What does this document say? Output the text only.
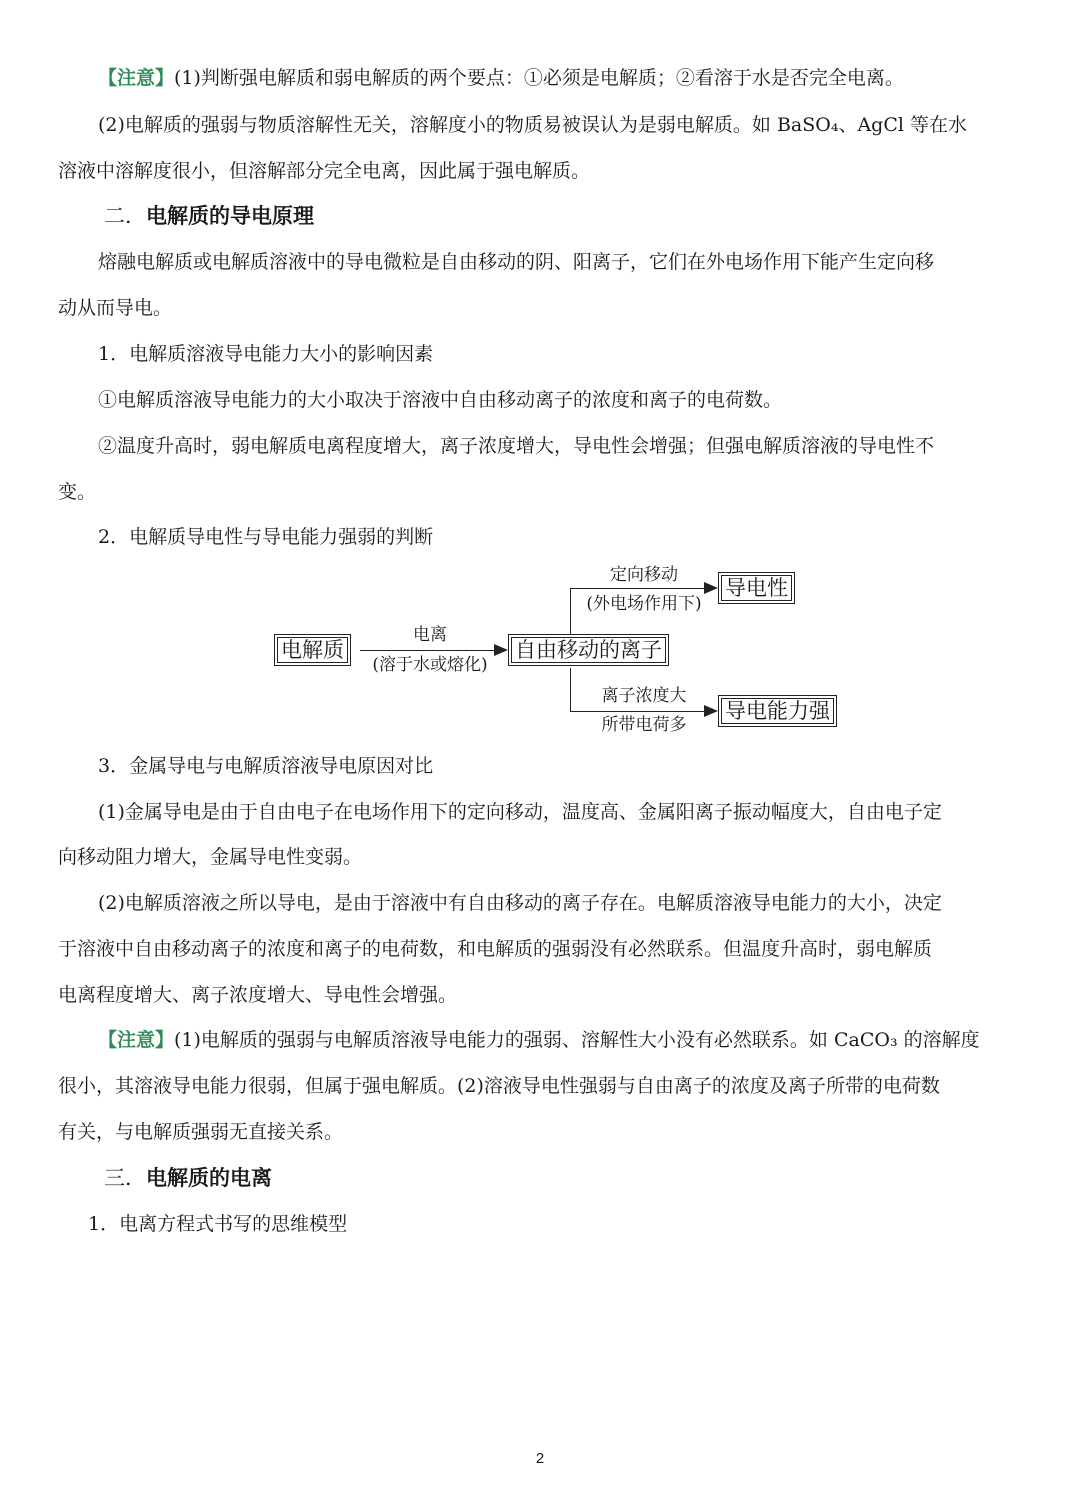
【注意】(1)判断强电解质和弱电解质的两个要点：①必须是电解质；②看溶于水是否完全电离。
(2)电解质的强弱与物质溶解性无关，溶解度小的物质易被误认为是弱电解质。如 BaSO₄、AgCl 等在水
溶液中溶解度很小，但溶解部分完全电离，因此属于强电解质。
二．电解质的导电原理
熔融电解质或电解质溶液中的导电微粒是自由移动的阴、阳离子，它们在外电场作用下能产生定向移
动从而导电。
1．电解质溶液导电能力大小的影响因素
①电解质溶液导电能力的大小取决于溶液中自由移动离子的浓度和离子的电荷数。
②温度升高时，弱电解质电离程度增大，离子浓度增大，导电性会增强；但强电解质溶液的导电性不
变。
2．电解质导电性与导电能力强弱的判断
电解质	自由移动的离子
导电性
导电能力强
电离
(溶于水或熔化)
定向移动
(外电场作用下)
离子浓度大
所带电荷多
3．金属导电与电解质溶液导电原因对比
(1)金属导电是由于自由电子在电场作用下的定向移动，温度高、金属阳离子振动幅度大，自由电子定
向移动阻力增大，金属导电性变弱。
(2)电解质溶液之所以导电，是由于溶液中有自由移动的离子存在。电解质溶液导电能力的大小，决定
于溶液中自由移动离子的浓度和离子的电荷数，和电解质的强弱没有必然联系。但温度升高时，弱电解质
电离程度增大、离子浓度增大、导电性会增强。
【注意】(1)电解质的强弱与电解质溶液导电能力的强弱、溶解性大小没有必然联系。如 CaCO₃ 的溶解度
很小，其溶液导电能力很弱，但属于强电解质。(2)溶液导电性强弱与自由离子的浓度及离子所带的电荷数
有关，与电解质强弱无直接关系。
三．电解质的电离
1．电离方程式书写的思维模型
2
